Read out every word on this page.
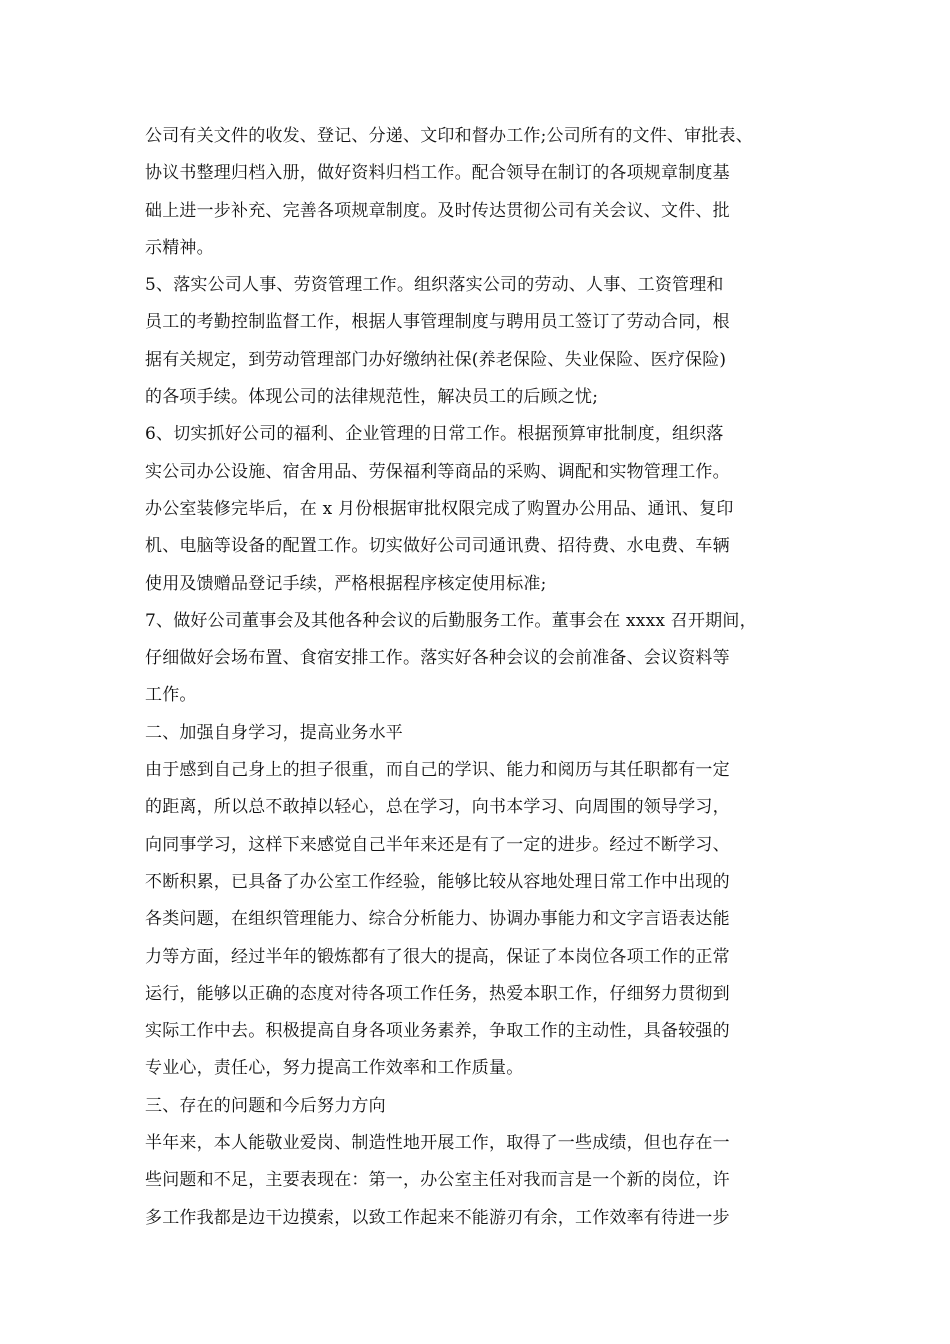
公司有关文件的收发、登记、分递、文印和督办工作;公司所有的文件、审批表、
协议书整理归档入册，做好资料归档工作。配合领导在制订的各项规章制度基
础上进一步补充、完善各项规章制度。及时传达贯彻公司有关会议、文件、批
示精神。
5、落实公司人事、劳资管理工作。组织落实公司的劳动、人事、工资管理和
员工的考勤控制监督工作，根据人事管理制度与聘用员工签订了劳动合同，根
据有关规定，到劳动管理部门办好缴纳社保(养老保险、失业保险、医疗保险)
的各项手续。体现公司的法律规范性，解决员工的后顾之忧;
6、切实抓好公司的福利、企业管理的日常工作。根据预算审批制度，组织落
实公司办公设施、宿舍用品、劳保福利等商品的采购、调配和实物管理工作。
办公室装修完毕后，在 x 月份根据审批权限完成了购置办公用品、通讯、复印
机、电脑等设备的配置工作。切实做好公司司通讯费、招待费、水电费、车辆
使用及馈赠品登记手续，严格根据程序核定使用标准;
7、做好公司董事会及其他各种会议的后勤服务工作。董事会在 xxxx 召开期间，
仔细做好会场布置、食宿安排工作。落实好各种会议的会前准备、会议资料等
工作。
二、加强自身学习，提高业务水平
由于感到自己身上的担子很重，而自己的学识、能力和阅历与其任职都有一定
的距离，所以总不敢掉以轻心，总在学习，向书本学习、向周围的领导学习，
向同事学习，这样下来感觉自己半年来还是有了一定的进步。经过不断学习、
不断积累，已具备了办公室工作经验，能够比较从容地处理日常工作中出现的
各类问题，在组织管理能力、综合分析能力、协调办事能力和文字言语表达能
力等方面，经过半年的锻炼都有了很大的提高，保证了本岗位各项工作的正常
运行，能够以正确的态度对待各项工作任务，热爱本职工作，仔细努力贯彻到
实际工作中去。积极提高自身各项业务素养，争取工作的主动性，具备较强的
专业心，责任心，努力提高工作效率和工作质量。
三、存在的问题和今后努力方向
半年来，本人能敬业爱岗、制造性地开展工作，取得了一些成绩，但也存在一
些问题和不足，主要表现在：第一，办公室主任对我而言是一个新的岗位，许
多工作我都是边干边摸索，以致工作起来不能游刃有余，工作效率有待进一步
